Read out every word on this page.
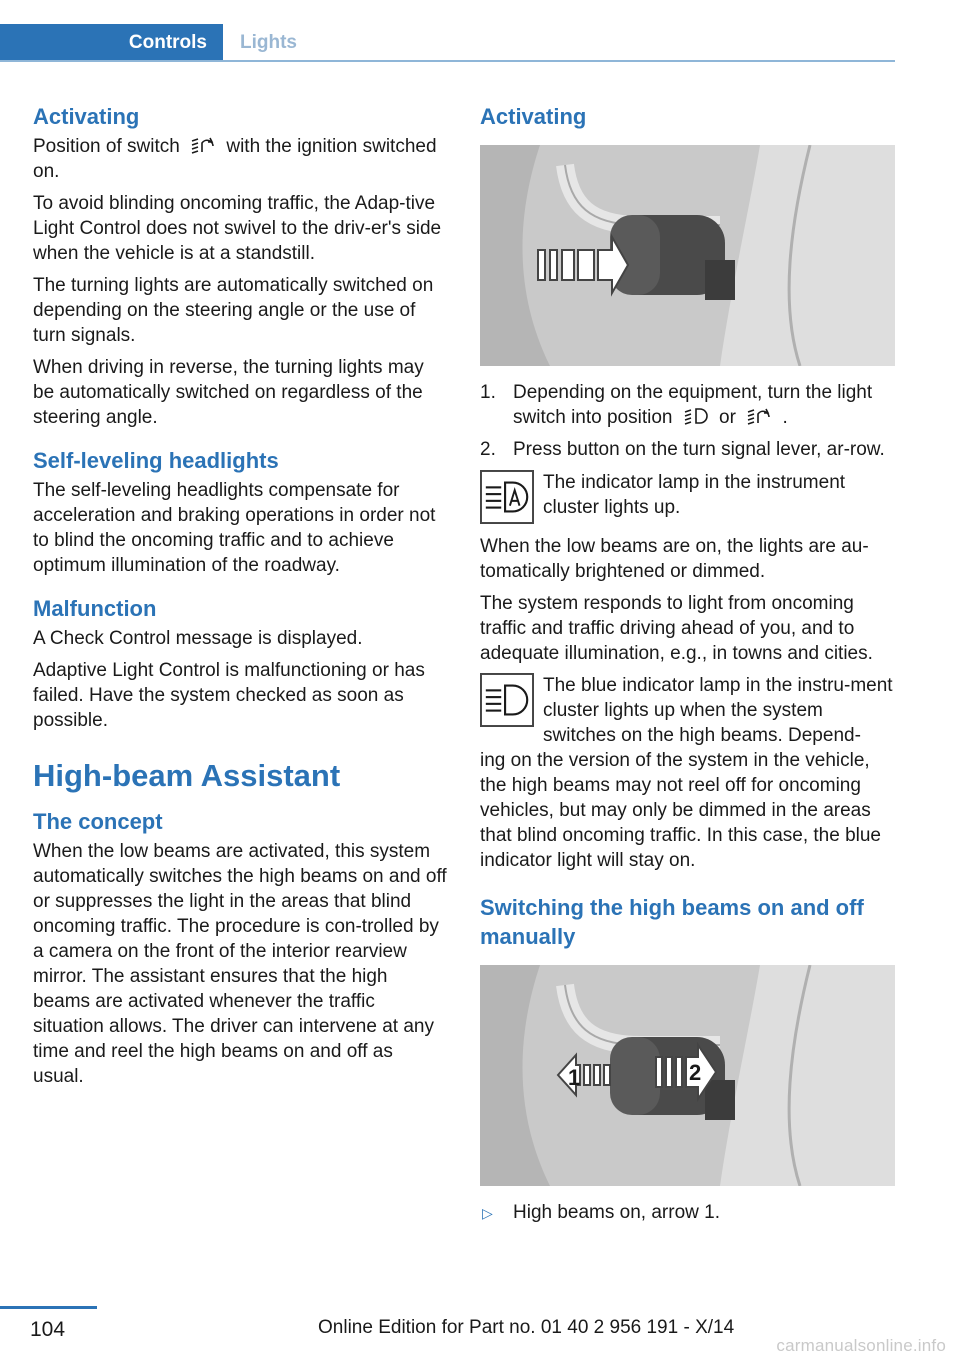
Controls Lights
Activating

Position of switch with the ignition switched on.

To avoid blinding oncoming traffic, the Adap‐tive Light Control does not swivel to the driv‐er's side when the vehicle is at a standstill.

The turning lights are automatically switched on depending on the steering angle or the use of turn signals.

When driving in reverse, the turning lights may be automatically switched on regardless of the steering angle.

Self-leveling headlights

The self-leveling headlights compensate for acceleration and braking operations in order not to blind the oncoming traffic and to achieve optimum illumination of the roadway.

Malfunction

A Check Control message is displayed.

Adaptive Light Control is malfunctioning or has failed. Have the system checked as soon as possible.

High-beam Assistant
The concept

When the low beams are activated, this system automatically switches the high beams on and off or suppresses the light in the areas that blind oncoming traffic. The procedure is con‐trolled by a camera on the front of the interior rearview mirror. The assistant ensures that the high beams are activated whenever the traffic situation allows. The driver can intervene at any time and reel the high beams on and off as usual.

Activating
1. Depending on the equipment, turn the light switch into position or .
2. Press button on the turn signal lever, ar‐row.
The indicator lamp in the instrument cluster lights up.

When the low beams are on, the lights are au‐tomatically brightened or dimmed.

The system responds to light from oncoming traffic and traffic driving ahead of you, and to adequate illumination, e.g., in towns and cities.

The blue indicator lamp in the instru‐ment cluster lights up when the system switches on the high beams. Depend‐

ing on the version of the system in the vehicle, the high beams may not reel off for oncoming vehicles, but may only be dimmed in the areas that blind oncoming traffic. In this case, the blue indicator light will stay on.

Switching the high beams on and off manually
1	2
▷ High beams on, arrow 1.
104	Online Edition for Part no. 01 40 2 956 191 - X/14
carmanualsonline.info
